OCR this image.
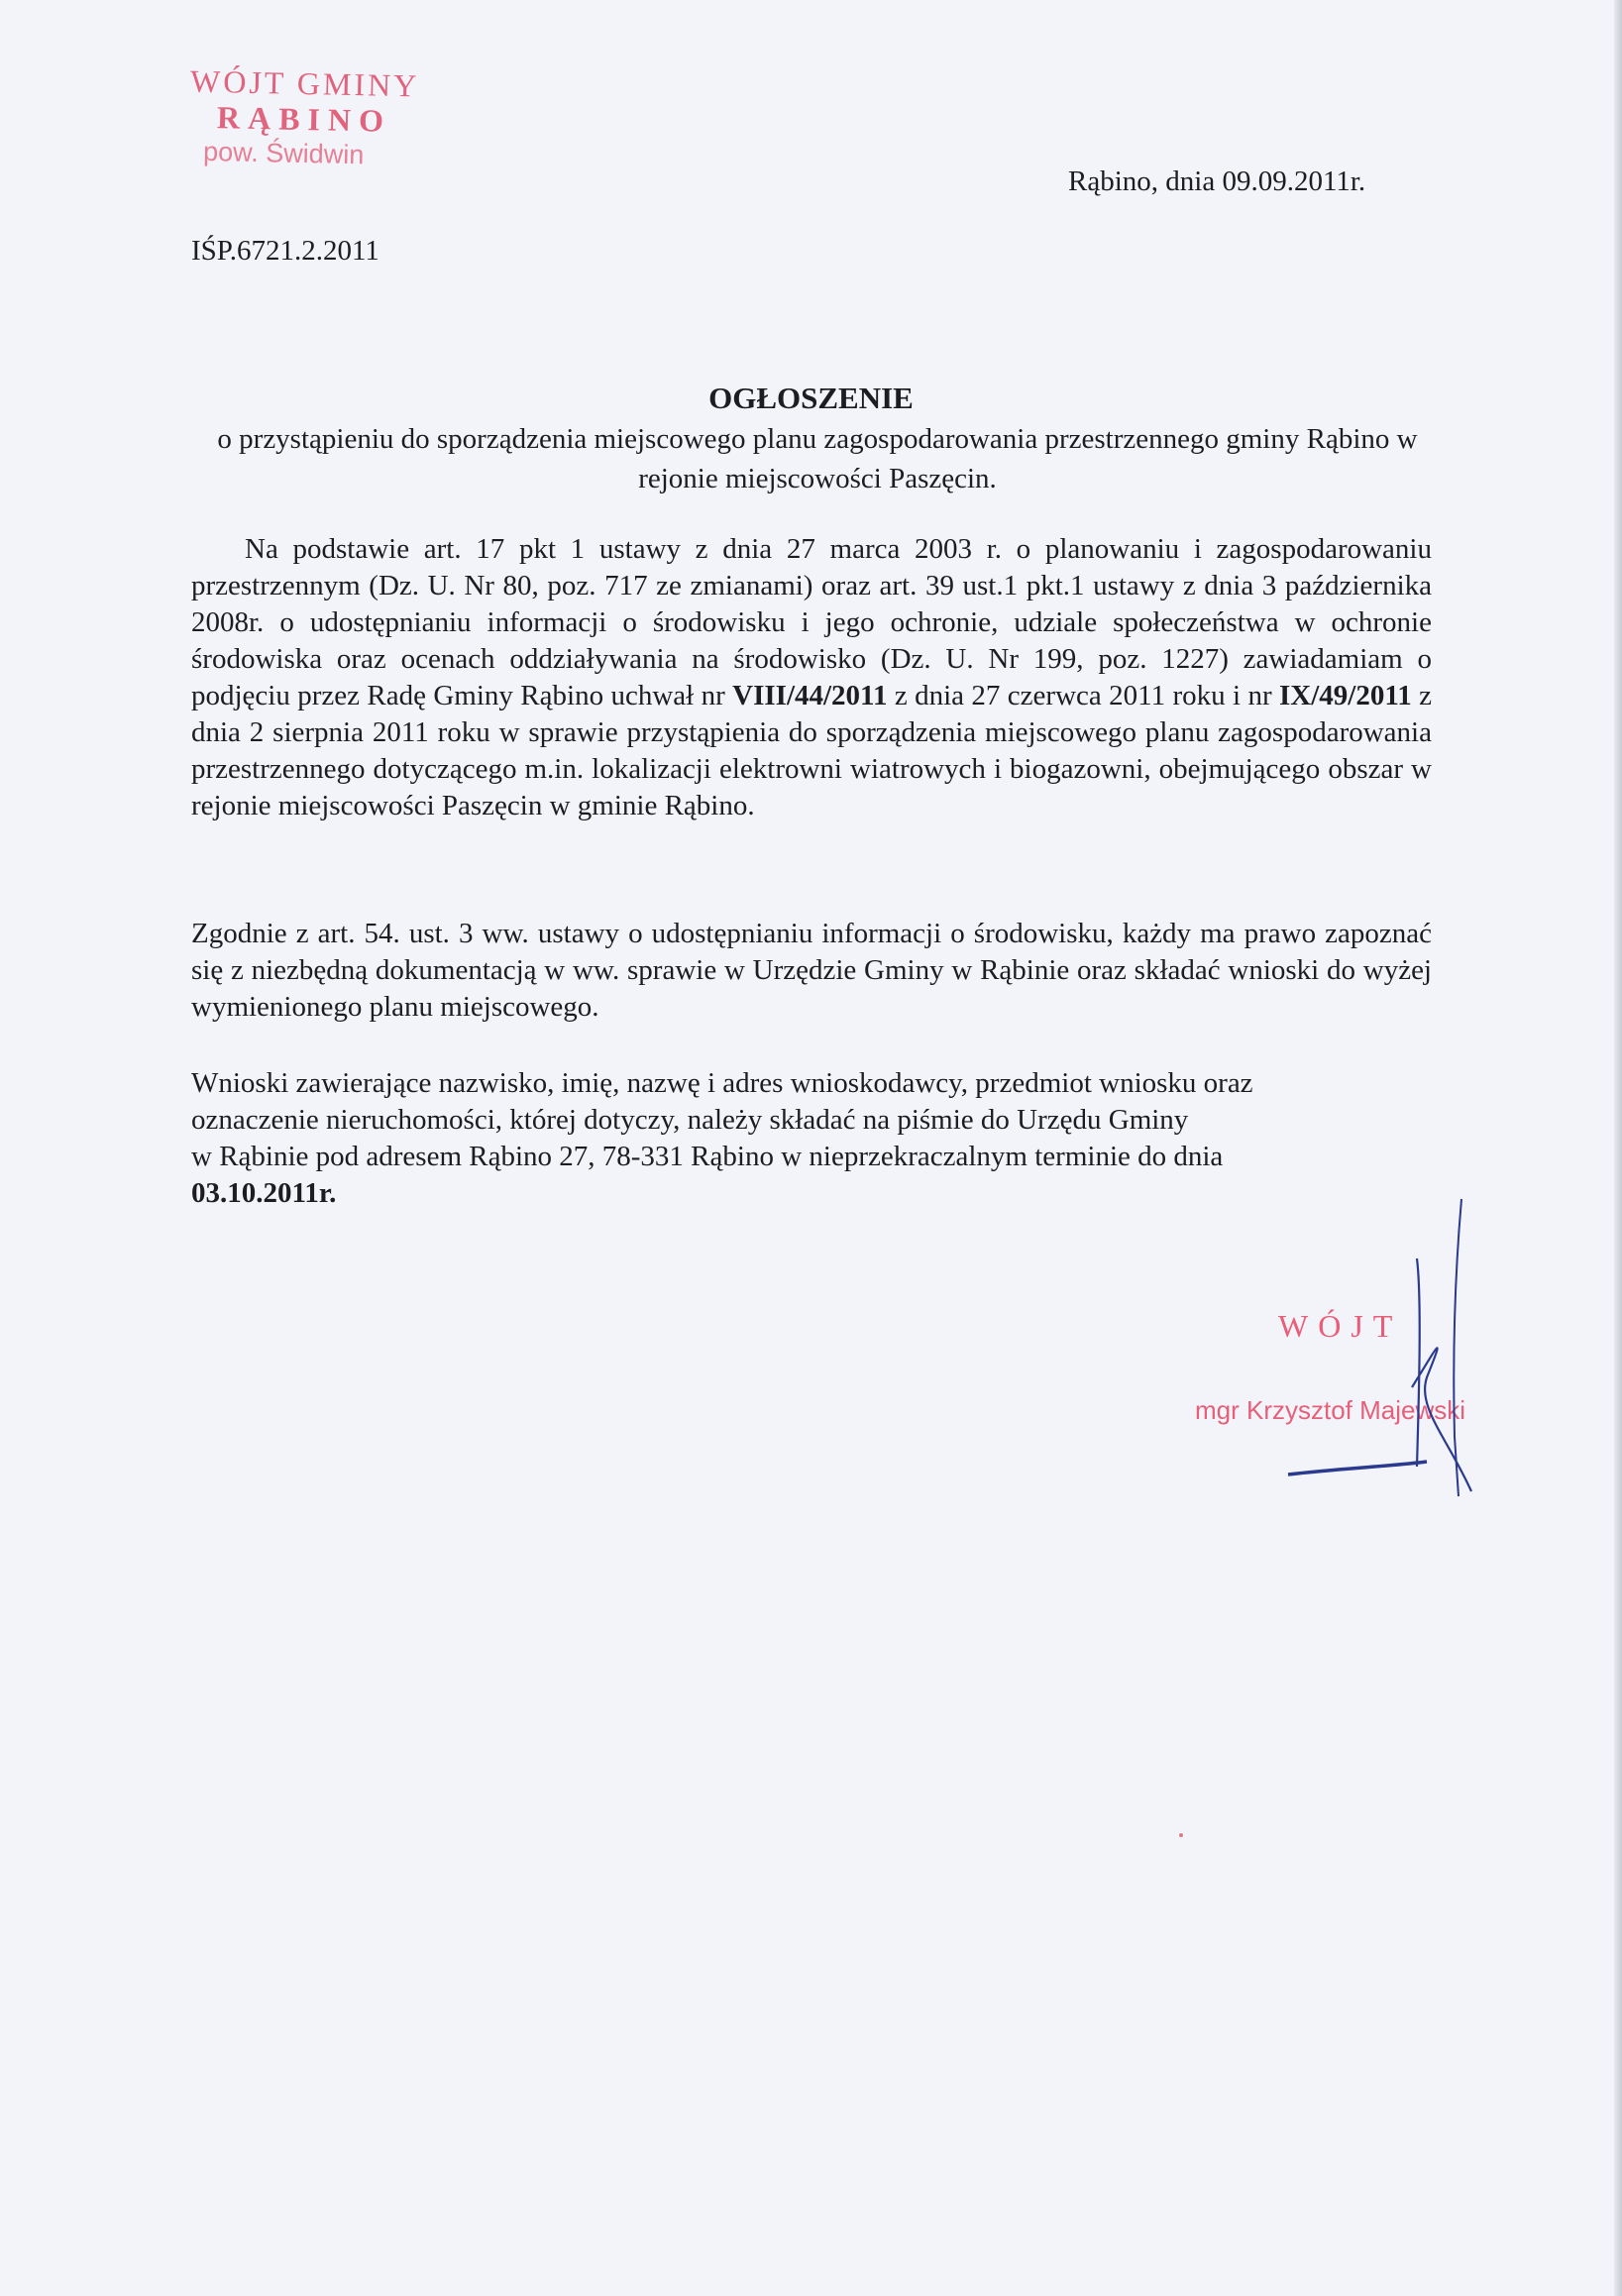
WÓJT GMINY
RĄBINO
pow. Świdwin
Rąbino, dnia 09.09.2011r.
IŚP.6721.2.2011
OGŁOSZENIE
o przystąpieniu do sporządzenia miejscowego planu zagospodarowania przestrzennego gminy Rąbino w rejonie miejscowości Paszęcin.
Na podstawie art. 17 pkt 1 ustawy z dnia 27 marca 2003 r. o planowaniu i zagospodarowaniu przestrzennym (Dz. U. Nr 80, poz. 717 ze zmianami) oraz art. 39 ust.1 pkt.1 ustawy z dnia 3 października 2008r. o udostępnianiu informacji o środowisku i jego ochronie, udziale społeczeństwa w ochronie środowiska oraz ocenach oddziaływania na środowisko (Dz. U. Nr 199, poz. 1227) zawiadamiam o podjęciu przez Radę Gminy Rąbino uchwał nr VIII/44/2011 z dnia 27 czerwca 2011 roku i nr IX/49/2011 z dnia 2 sierpnia 2011 roku w sprawie przystąpienia do sporządzenia miejscowego planu zagospodarowania przestrzennego dotyczącego m.in. lokalizacji elektrowni wiatrowych i biogazowni, obejmującego obszar w rejonie miejscowości Paszęcin w gminie Rąbino.
Zgodnie z art. 54. ust. 3 ww. ustawy o udostępnianiu informacji o środowisku, każdy ma prawo zapoznać się z niezbędną dokumentacją w ww. sprawie w Urzędzie Gminy w Rąbinie oraz składać wnioski do wyżej wymienionego planu miejscowego.
Wnioski zawierające nazwisko, imię, nazwę i adres wnioskodawcy, przedmiot wniosku oraz
oznaczenie nieruchomości, której dotyczy, należy składać na piśmie do Urzędu Gminy
w Rąbinie pod adresem Rąbino 27, 78-331 Rąbino w nieprzekraczalnym terminie do dnia
03.10.2011r.
WÓJT
mgr Krzysztof Majewski
